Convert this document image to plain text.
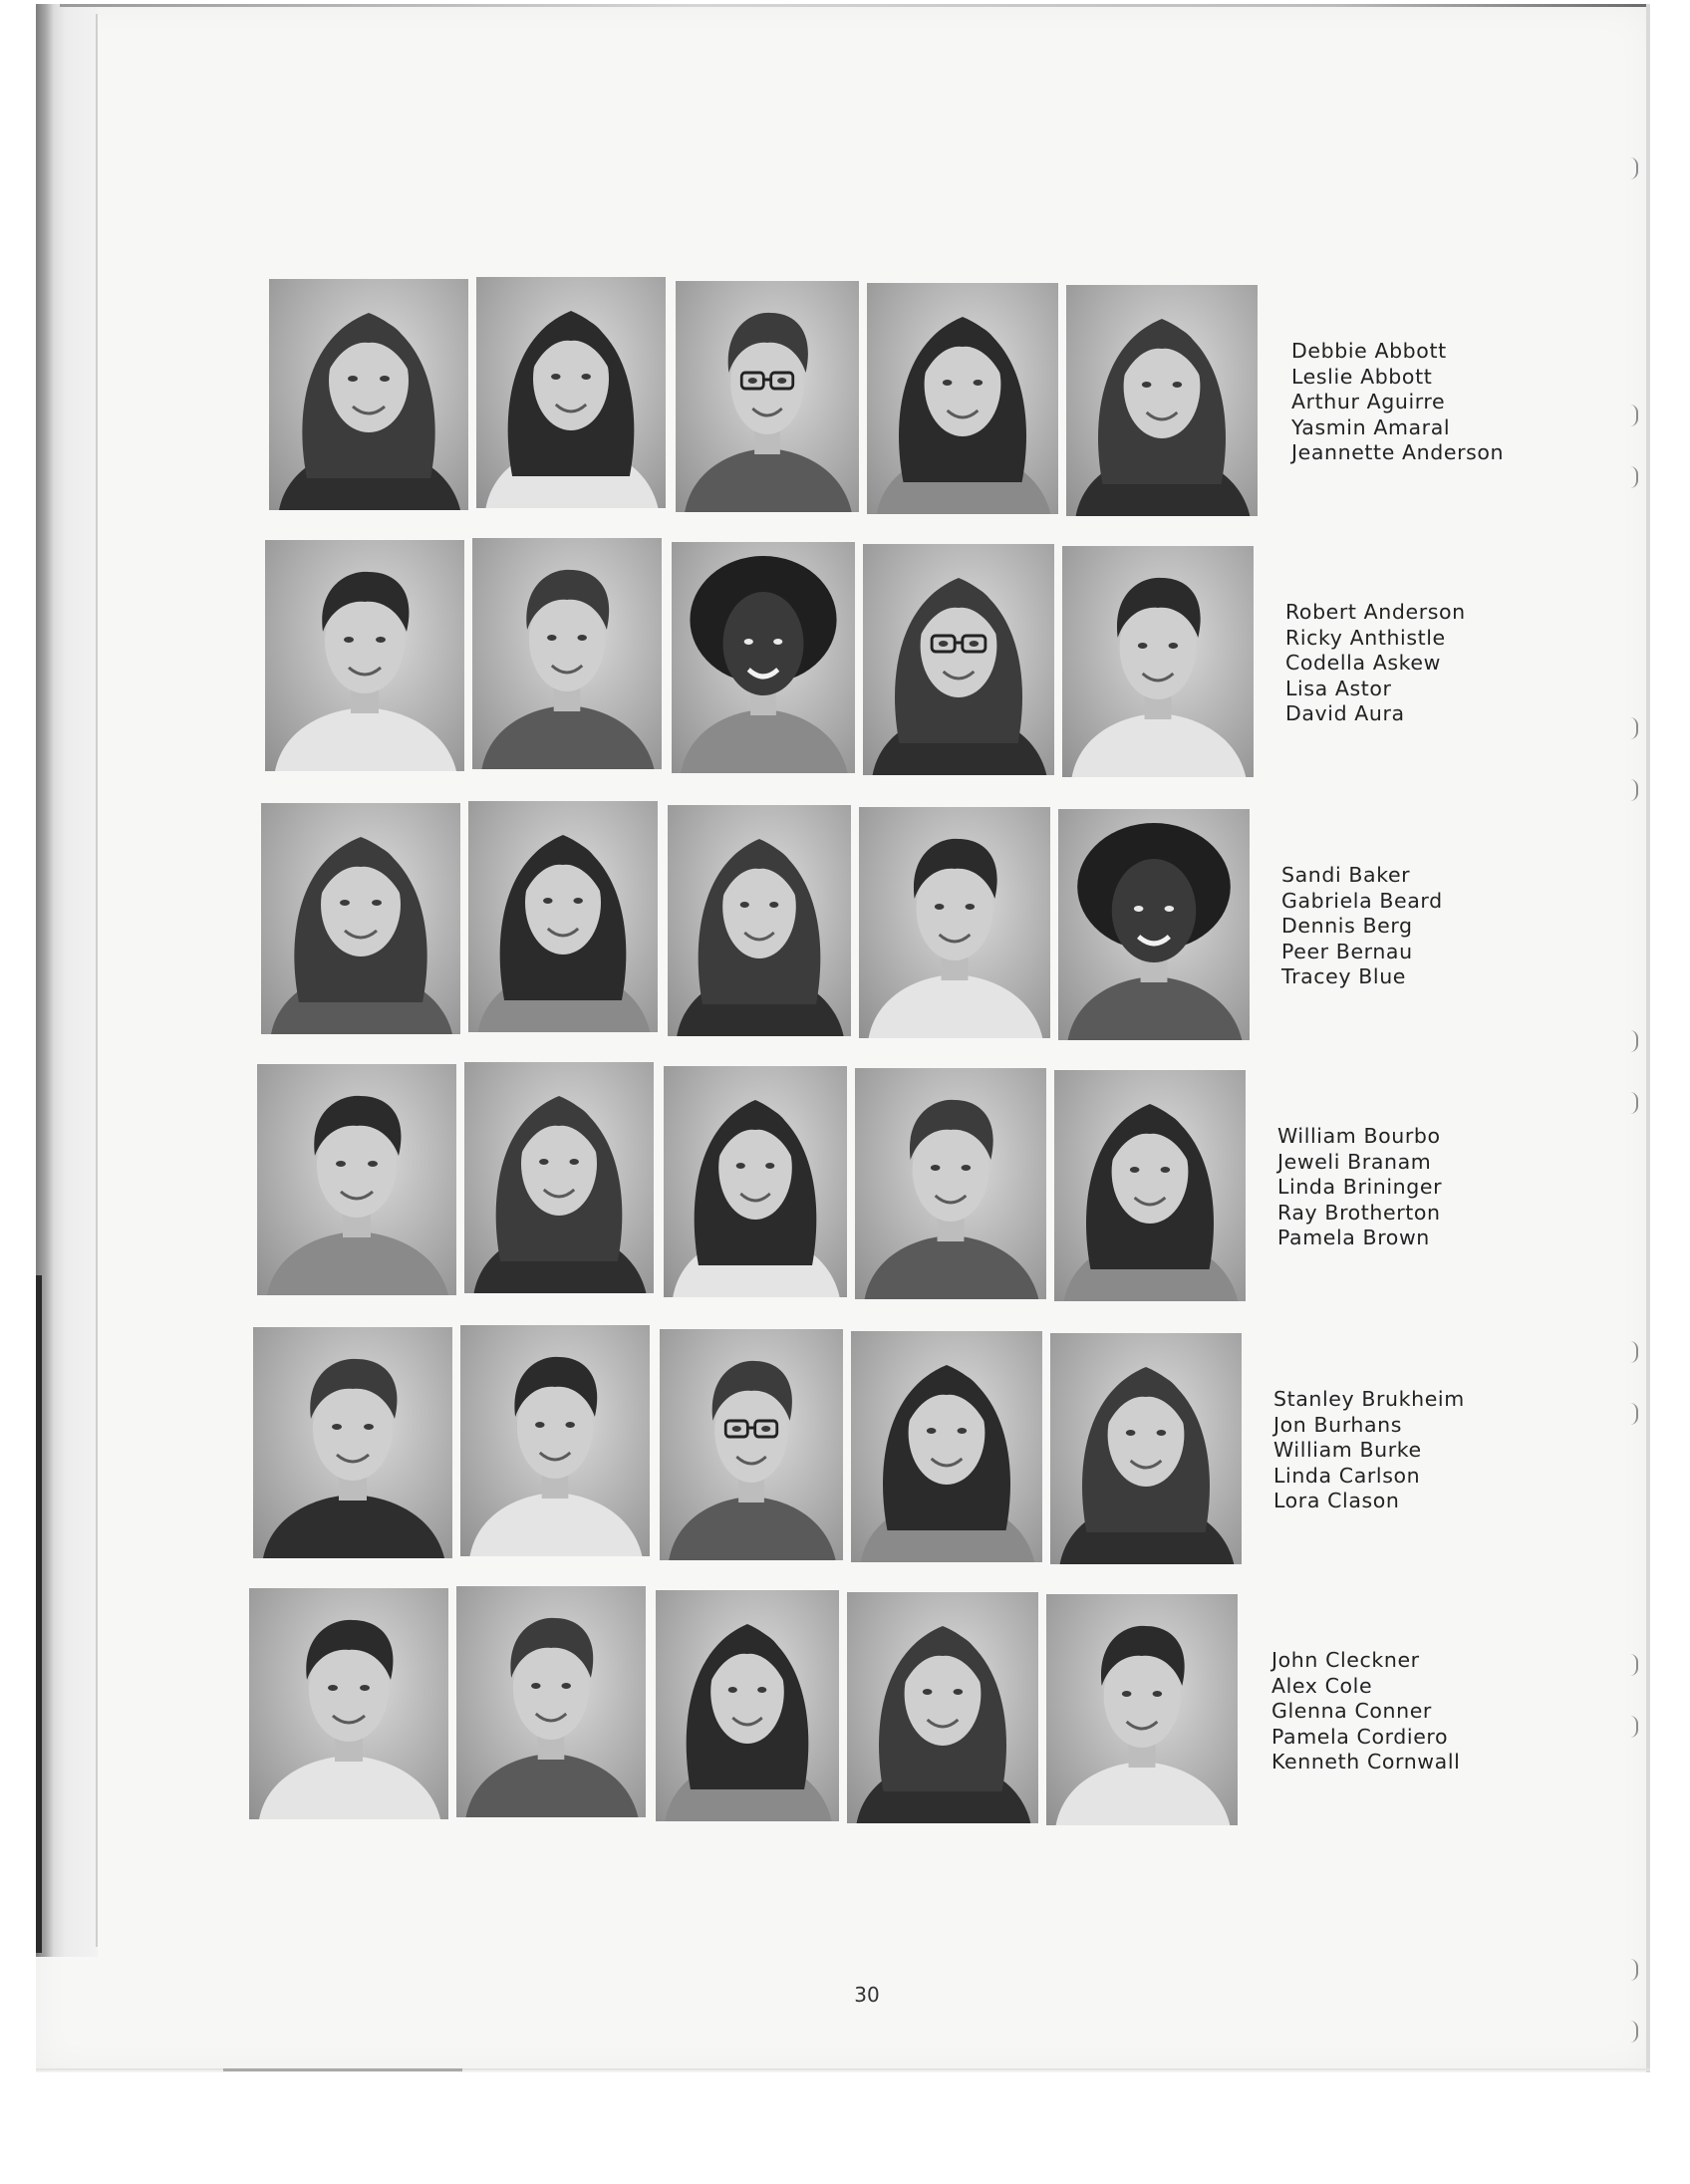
Debbie Abbott
Leslie Abbott
Arthur Aguirre
Yasmin Amaral
Jeannette Anderson
Robert Anderson
Ricky Anthistle
Codella Askew
Lisa Astor
David Aura
Sandi Baker
Gabriela Beard
Dennis Berg
Peer Bernau
Tracey Blue
William Bourbo
Jeweli Branam
Linda Brininger
Ray Brotherton
Pamela Brown
Stanley Brukheim
Jon Burhans
William Burke
Linda Carlson
Lora Clason
John Cleckner
Alex Cole
Glenna Conner
Pamela Cordiero
Kenneth Cornwall
30
